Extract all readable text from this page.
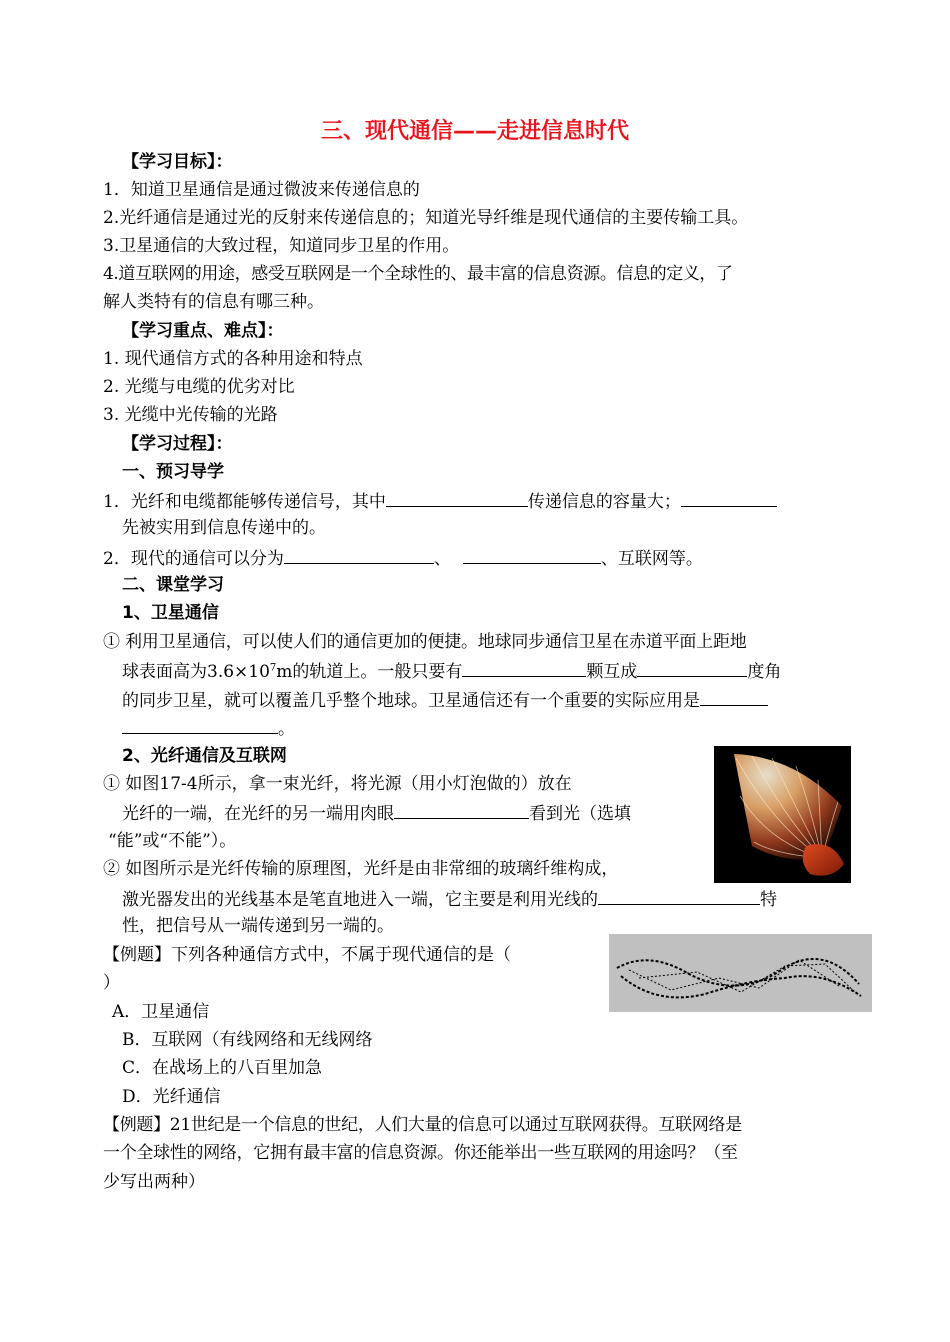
三、现代通信——走进信息时代
【学习目标】：
1．知道卫星通信是通过微波来传递信息的
2.光纤通信是通过光的反射来传递信息的；知道光导纤维是现代通信的主要传输工具。
3.卫星通信的大致过程，知道同步卫星的作用。
4.道互联网的用途，感受互联网是一个全球性的、最丰富的信息资源。信息的定义，了
解人类特有的信息有哪三种。
【学习重点、难点】：
1. 现代通信方式的各种用途和特点
2. 光缆与电缆的优劣对比
3. 光缆中光传输的光路
【学习过程】：
一、预习导学
1．光纤和电缆都能够传递信号，其中	传递信息的容量大；
先被实用到信息传递中的。
2．现代的通信可以分为	、	、互联网等。
二、课堂学习
1、卫星通信
① 利用卫星通信，可以使人们的通信更加的便捷。地球同步通信卫星在赤道平面上距地
球表面高为$3.6\times 10^7m$的轨道上。一般只要有	颗互成	度角
的同步卫星，就可以覆盖几乎整个地球。卫星通信还有一个重要的实际应用是
。
2、光纤通信及互联网
① 如图17-4所示，拿一束光纤，将光源（用小灯泡做的）放在
光纤的一端，在光纤的另一端用肉眼	看到光（选填
“能”或“不能”）。
② 如图所示是光纤传输的原理图，光纤是由非常细的玻璃纤维构成，
激光器发出的光线基本是笔直地进入一端，它主要是利用光线的	特
性，把信号从一端传递到另一端的。
【例题】下列各种通信方式中，不属于现代通信的是（
）
A．卫星通信
B．互联网（有线网络和无线网络
C．在战场上的八百里加急
D．光纤通信
【例题】21世纪是一个信息的世纪，人们大量的信息可以通过互联网获得。互联网络是
一个全球性的网络，它拥有最丰富的信息资源。你还能举出一些互联网的用途吗？（至
少写出两种）
